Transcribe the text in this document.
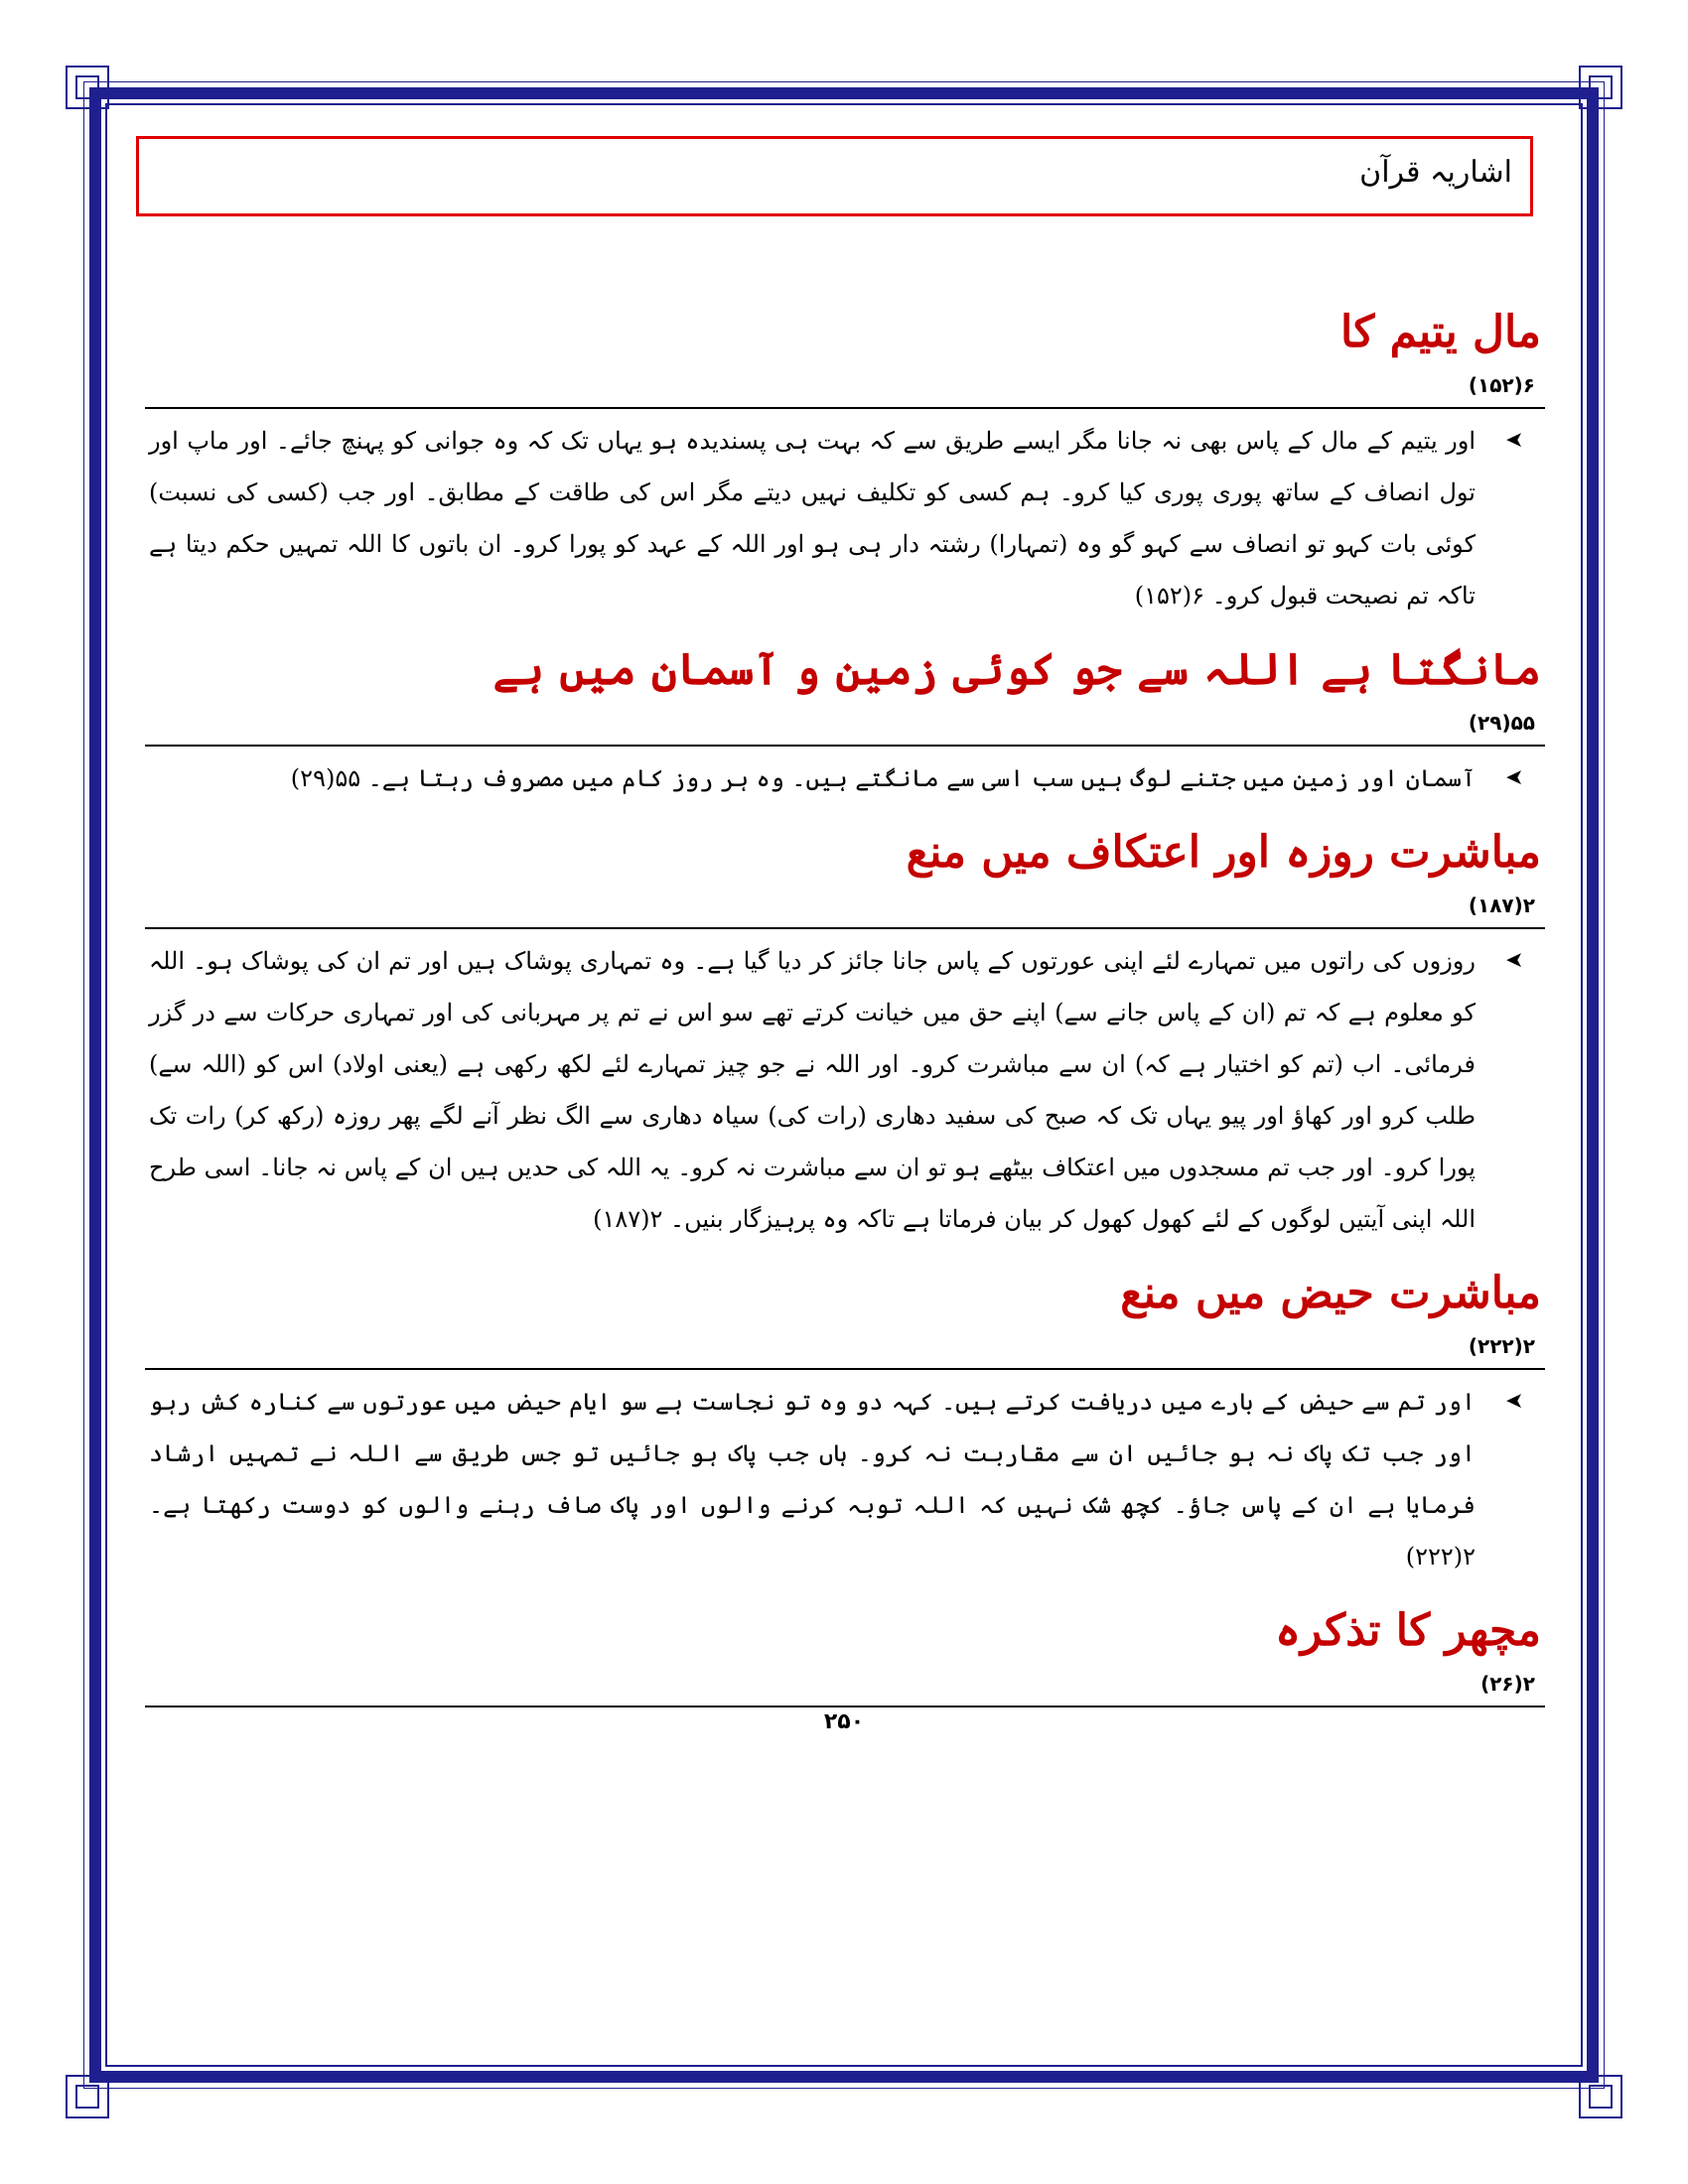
اشاریہ قرآن
مال یتیم کا
۶(۱۵۲)
➤
اور یتیم کے مال کے پاس بھی نہ جانا مگر ایسے طریق سے کہ بہت ہی پسندیدہ ہو یہاں تک کہ وہ جوانی کو پہنچ جائے۔ اور ماپ اور تول انصاف کے ساتھ پوری پوری کیا کرو۔ ہم کسی کو تکلیف نہیں دیتے مگر اس کی طاقت کے مطابق۔ اور جب (کسی کی نسبت) کوئی بات کہو تو انصاف سے کہو گو وہ (تمہارا) رشتہ دار ہی ہو اور اللہ کے عہد کو پورا کرو۔ ان باتوں کا اللہ تمہیں حکم دیتا ہے تاکہ تم نصیحت قبول کرو۔ ۶(۱۵۲)
مانگتا ہے اللہ سے جو کوئی زمین و آسمان میں ہے
۵۵(۲۹)
➤
آسمان اور زمین میں جتنے لوگ ہیں سب اسی سے مانگتے ہیں۔ وہ ہر روز کام میں مصروف رہتا ہے۔ ۵۵(۲۹)
مباشرت روزہ اور اعتکاف میں منع
۲(۱۸۷)
➤
روزوں کی راتوں میں تمہارے لئے اپنی عورتوں کے پاس جانا جائز کر دیا گیا ہے۔ وہ تمہاری پوشاک ہیں اور تم ان کی پوشاک ہو۔ اللہ کو معلوم ہے کہ تم (ان کے پاس جانے سے) اپنے حق میں خیانت کرتے تھے سو اس نے تم پر مہربانی کی اور تمہاری حرکات سے در گزر فرمائی۔ اب (تم کو اختیار ہے کہ) ان سے مباشرت کرو۔ اور اللہ نے جو چیز تمہارے لئے لکھ رکھی ہے (یعنی اولاد) اس کو (اللہ سے) طلب کرو اور کھاؤ اور پیو یہاں تک کہ صبح کی سفید دھاری (رات کی) سیاہ دھاری سے الگ نظر آنے لگے پھر روزہ (رکھ کر) رات تک پورا کرو۔ اور جب تم مسجدوں میں اعتکاف بیٹھے ہو تو ان سے مباشرت نہ کرو۔ یہ اللہ کی حدیں ہیں ان کے پاس نہ جانا۔ اسی طرح اللہ اپنی آیتیں لوگوں کے لئے کھول کھول کر بیان فرماتا ہے تاکہ وہ پرہیزگار بنیں۔ ۲(۱۸۷)
مباشرت حیض میں منع
۲(۲۲۲)
➤
اور تم سے حیض کے بارے میں دریافت کرتے ہیں۔ کہہ دو وہ تو نجاست ہے سو ایام حیض میں عورتوں سے کنارہ کش رہو اور جب تک پاک نہ ہو جائیں ان سے مقاربت نہ کرو۔ ہاں جب پاک ہو جائیں تو جس طریق سے اللہ نے تمہیں ارشاد فرمایا ہے ان کے پاس جاؤ۔ کچھ شک نہیں کہ اللہ توبہ کرنے والوں اور پاک صاف رہنے والوں کو دوست رکھتا ہے۔ ۲(۲۲۲)
مچھر کا تذکرہ
۲(۲۶)
۲۵۰
